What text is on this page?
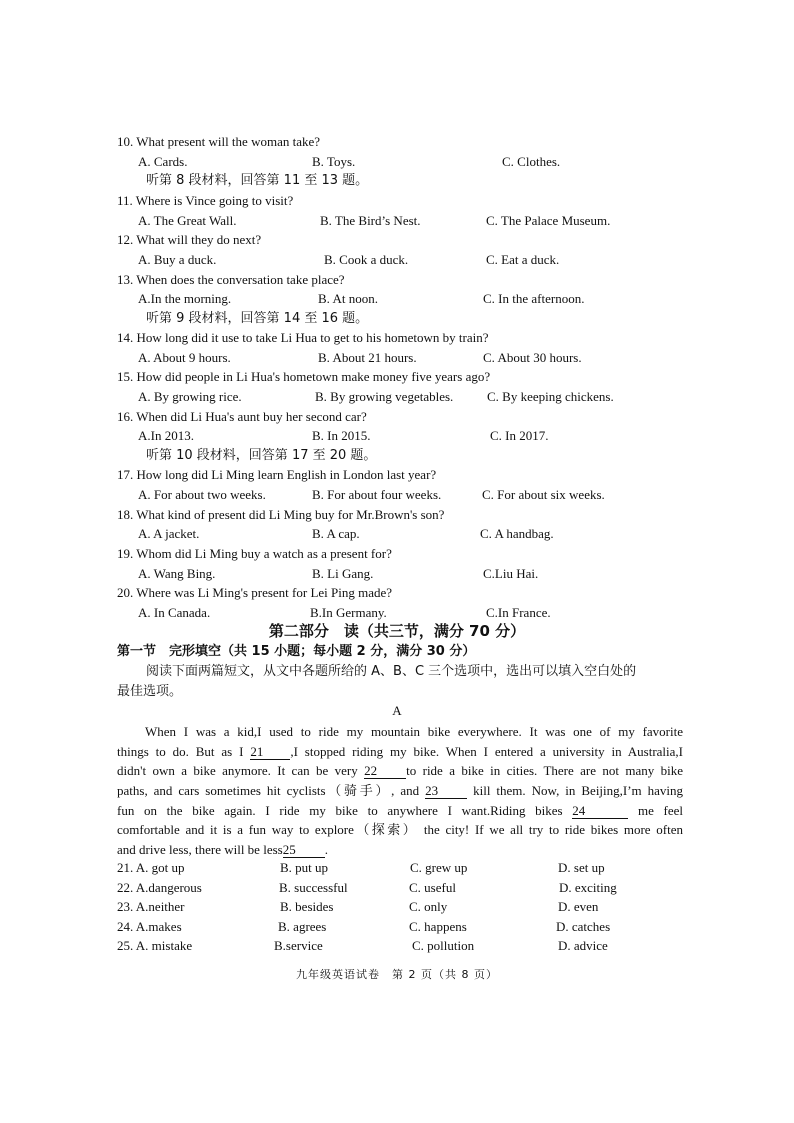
10. What present will the woman take?
A. Cards.	B. Toys.	C. Clothes.
听第 8 段材料，回答第 11 至 13 题。
11. Where is Vince going to visit?
A. The Great Wall.	B. The Bird’s Nest.	C. The Palace Museum.
12. What will they do next?
A. Buy a duck.	B. Cook a duck.	C. Eat a duck.
13. When does the conversation take place?
A.In the morning.	B. At noon.	C. In the afternoon.
听第 9 段材料，回答第 14 至 16 题。
14. How long did it use to take Li Hua to get to his hometown by train?
A. About 9 hours.	B. About 21 hours.	C. About 30 hours.
15. How did people in Li Hua's hometown make money five years ago?
A. By growing rice.	B. By growing vegetables.	C. By keeping chickens.
16. When did Li Hua's aunt buy her second car?
A.In 2013.	B. In 2015.	C. In 2017.
听第 10 段材料，回答第 17 至 20 题。
17. How long did Li Ming learn English in London last year?
A. For about two weeks.	B. For about four weeks.	C. For about six weeks.
18. What kind of present did Li Ming buy for Mr.Brown's son?
A. A jacket.	B. A cap.	C. A handbag.
19. Whom did Li Ming buy a watch as a present for?
A. Wang Bing.	B. Li Gang.	C.Liu Hai.
20. Where was Li Ming's present for Lei Ping made?
A. In Canada.	B.In Germany.	C.In France.
第二部分　读（共三节，满分 70 分）
第一节　完形填空（共 15 小题；每小题 2 分，满分 30 分）
阅读下面两篇短文，从文中各题所给的 A、B、C 三个选项中，选出可以填入空白处的
最佳选项。
A
When I was a kid,I used to ride my mountain bike everywhere. It was one of my favorite
things to do. But as I 21 ,I stopped riding my bike. When I entered a university in Australia,I
didn't own a bike anymore. It can be very 22 to ride a bike in cities. There are not many bike
paths, and cars sometimes hit cyclists（骑手）, and 23	kill them. Now, in Beijing,I’m having
fun on the bike again. I ride my bike to anywhere I want.Riding bikes 24	me feel
comfortable and it is a fun way to explore（探索） the city! If we all try to ride bikes more often
and drive less, there will be less25 .
21. A. got up	B. put up	C. grew up	D. set up
22. A.dangerous	B. successful	C. useful	D. exciting
23. A.neither	B. besides	C. only	D. even
24. A.makes	B. agrees	C. happens	D. catches
25. A. mistake	B.service	C. pollution	D. advice
九年级英语试卷　第 2 页（共 8 页）
